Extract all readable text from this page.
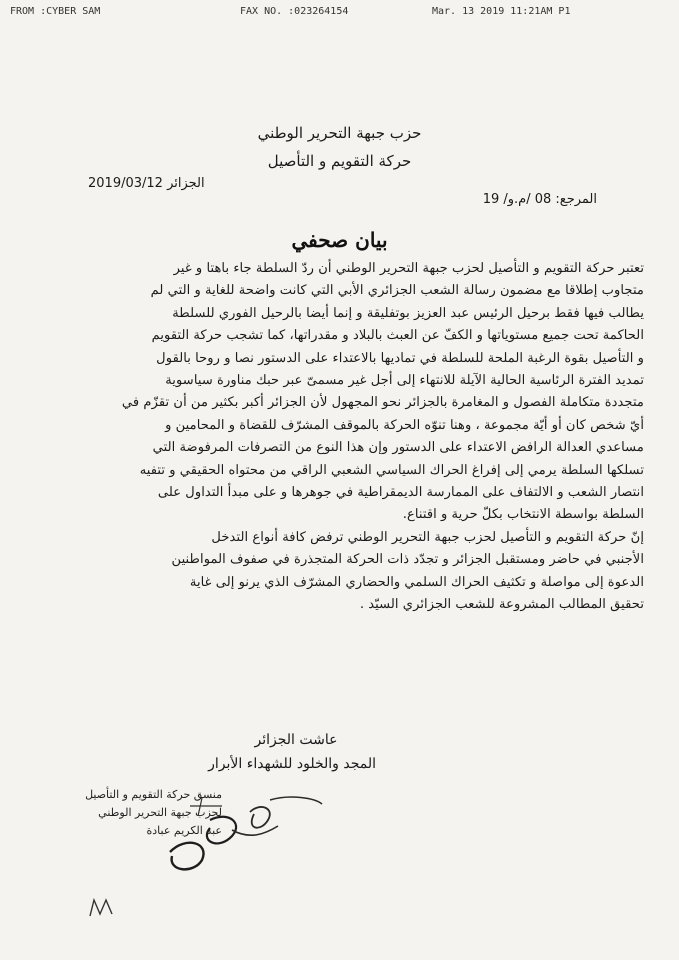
FROM :CYBER SAM	FAX NO. :023264154	Mar. 13 2019 11:21AM P1
حزب جبهة التحرير الوطني
حركة التقويم و التأصيل
الجزائر 2019/03/12
المرجع: 08 /م.و/ 19
بيان صحفي
تعتبر حركة التقويم و التأصيل لحزب جبهة التحرير الوطني أن ردّ السلطة جاء باهتا و غير
متجاوب إطلاقا مع مضمون رسالة الشعب الجزائري الأبي التي كانت واضحة للغاية و التي لم
يطالب فيها فقط برحيل الرئيس عبد العزيز بوتفليقة و إنما أيضا بالرحيل الفوري للسلطة
الحاكمة تحت جميع مستوياتها و الكفّ عن العبث بالبلاد و مقدراتها، كما تشجب حركة التقويم
و التأصيل بقوة الرغبة الملحة للسلطة في تماديها بالاعتداء على الدستور نصا و روحا بالقول
تمديد الفترة الرئاسية الحالية الآيلة للانتهاء إلى أجل غير مسمىّ عبر حبك مناورة سياسوية
متجددة متكاملة الفصول و المغامرة بالجزائر نحو المجهول لأن الجزائر أكبر بكثير من أن تقزّم في
أيّ شخص كان أو أيّة مجموعة ، وهنا تنوّه الحركة بالموقف المشرّف للقضاة و المحامين و
مساعدي العدالة الرافض الاعتداء على الدستور وإن هذا النوع من التصرفات المرفوضة التي
تسلكها السلطة يرمي إلى إفراغ الحراك السياسي الشعبي الراقي من محتواه الحقيقي و تتفيه
انتصار الشعب و الالتفاف على الممارسة الديمقراطية في جوهرها و على مبدأ التداول على
السلطة بواسطة الانتخاب بكلّ حرية و اقتناع.
إنّ حركة التقويم و التأصيل لحزب جبهة التحرير الوطني ترفض كافة أنواع التدخل
الأجنبي في حاضر ومستقبل الجزائر و تجدّد ذات الحركة المتجذرة في صفوف المواطنين
الدعوة إلى مواصلة و تكثيف الحراك السلمي والحضاري المشرّف الذي يرنو إلى غاية
تحقيق المطالب المشروعة للشعب الجزائري السيّد .
عاشت الجزائر
المجد والخلود للشهداء الأبرار
منسق حركة التقويم و التأصيل
لحزب جبهة التحرير الوطني
عبد الكريم عبادة
